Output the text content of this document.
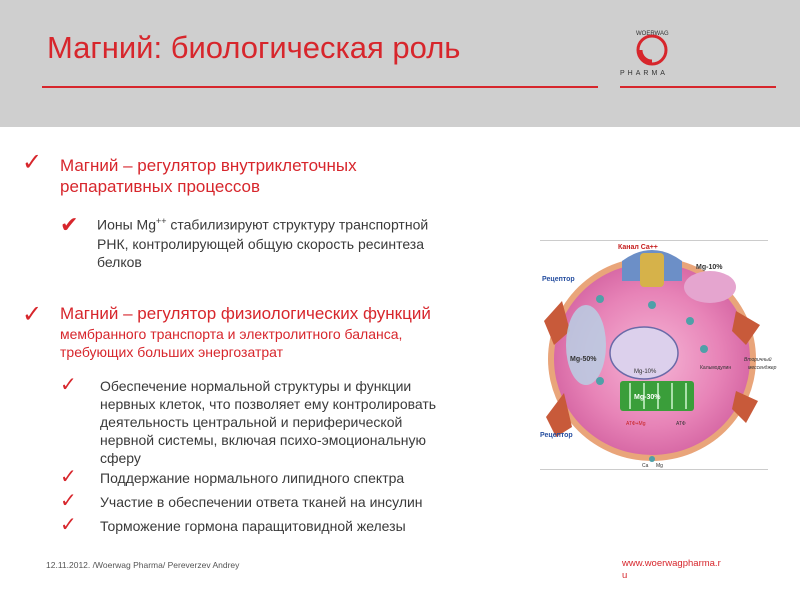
Магний: биологическая роль	WOERWAG
PHARMA
✓ Магний – регулятор внутриклеточных
репаративных процессов
✔ Ионы Mg++ стабилизируют структуру транспортной
РНК, контролирующей общую скорость ресинтеза
белков
✓ Магний – регулятор физиологических функций
мембранного транспорта и электролитного баланса,
требующих больших энергозатрат
✓ Обеспечение нормальной структуры и функции
нервных клеток, что позволяет ему контролировать
деятельность центральной и периферической
нервной системы, включая психо-эмоциональную
сферу
✓ Поддержание нормального липидного спектра
✓ Участие в обеспечении ответа тканей на инсулин
✓ Торможение гормона паращитовидной железы
Канал Ca++
Рецептор
Рецептор
Mg-10%
Mg-50%
Mg-10%
Mg-30%
Кальмодулин
Вторичный
мессенджер
АТФ+Mg	АТФ
Ca Mg
12.11.2012. /Woerwag Pharma/ Pereverzev Andrey	www.woerwagpharma.r
u
